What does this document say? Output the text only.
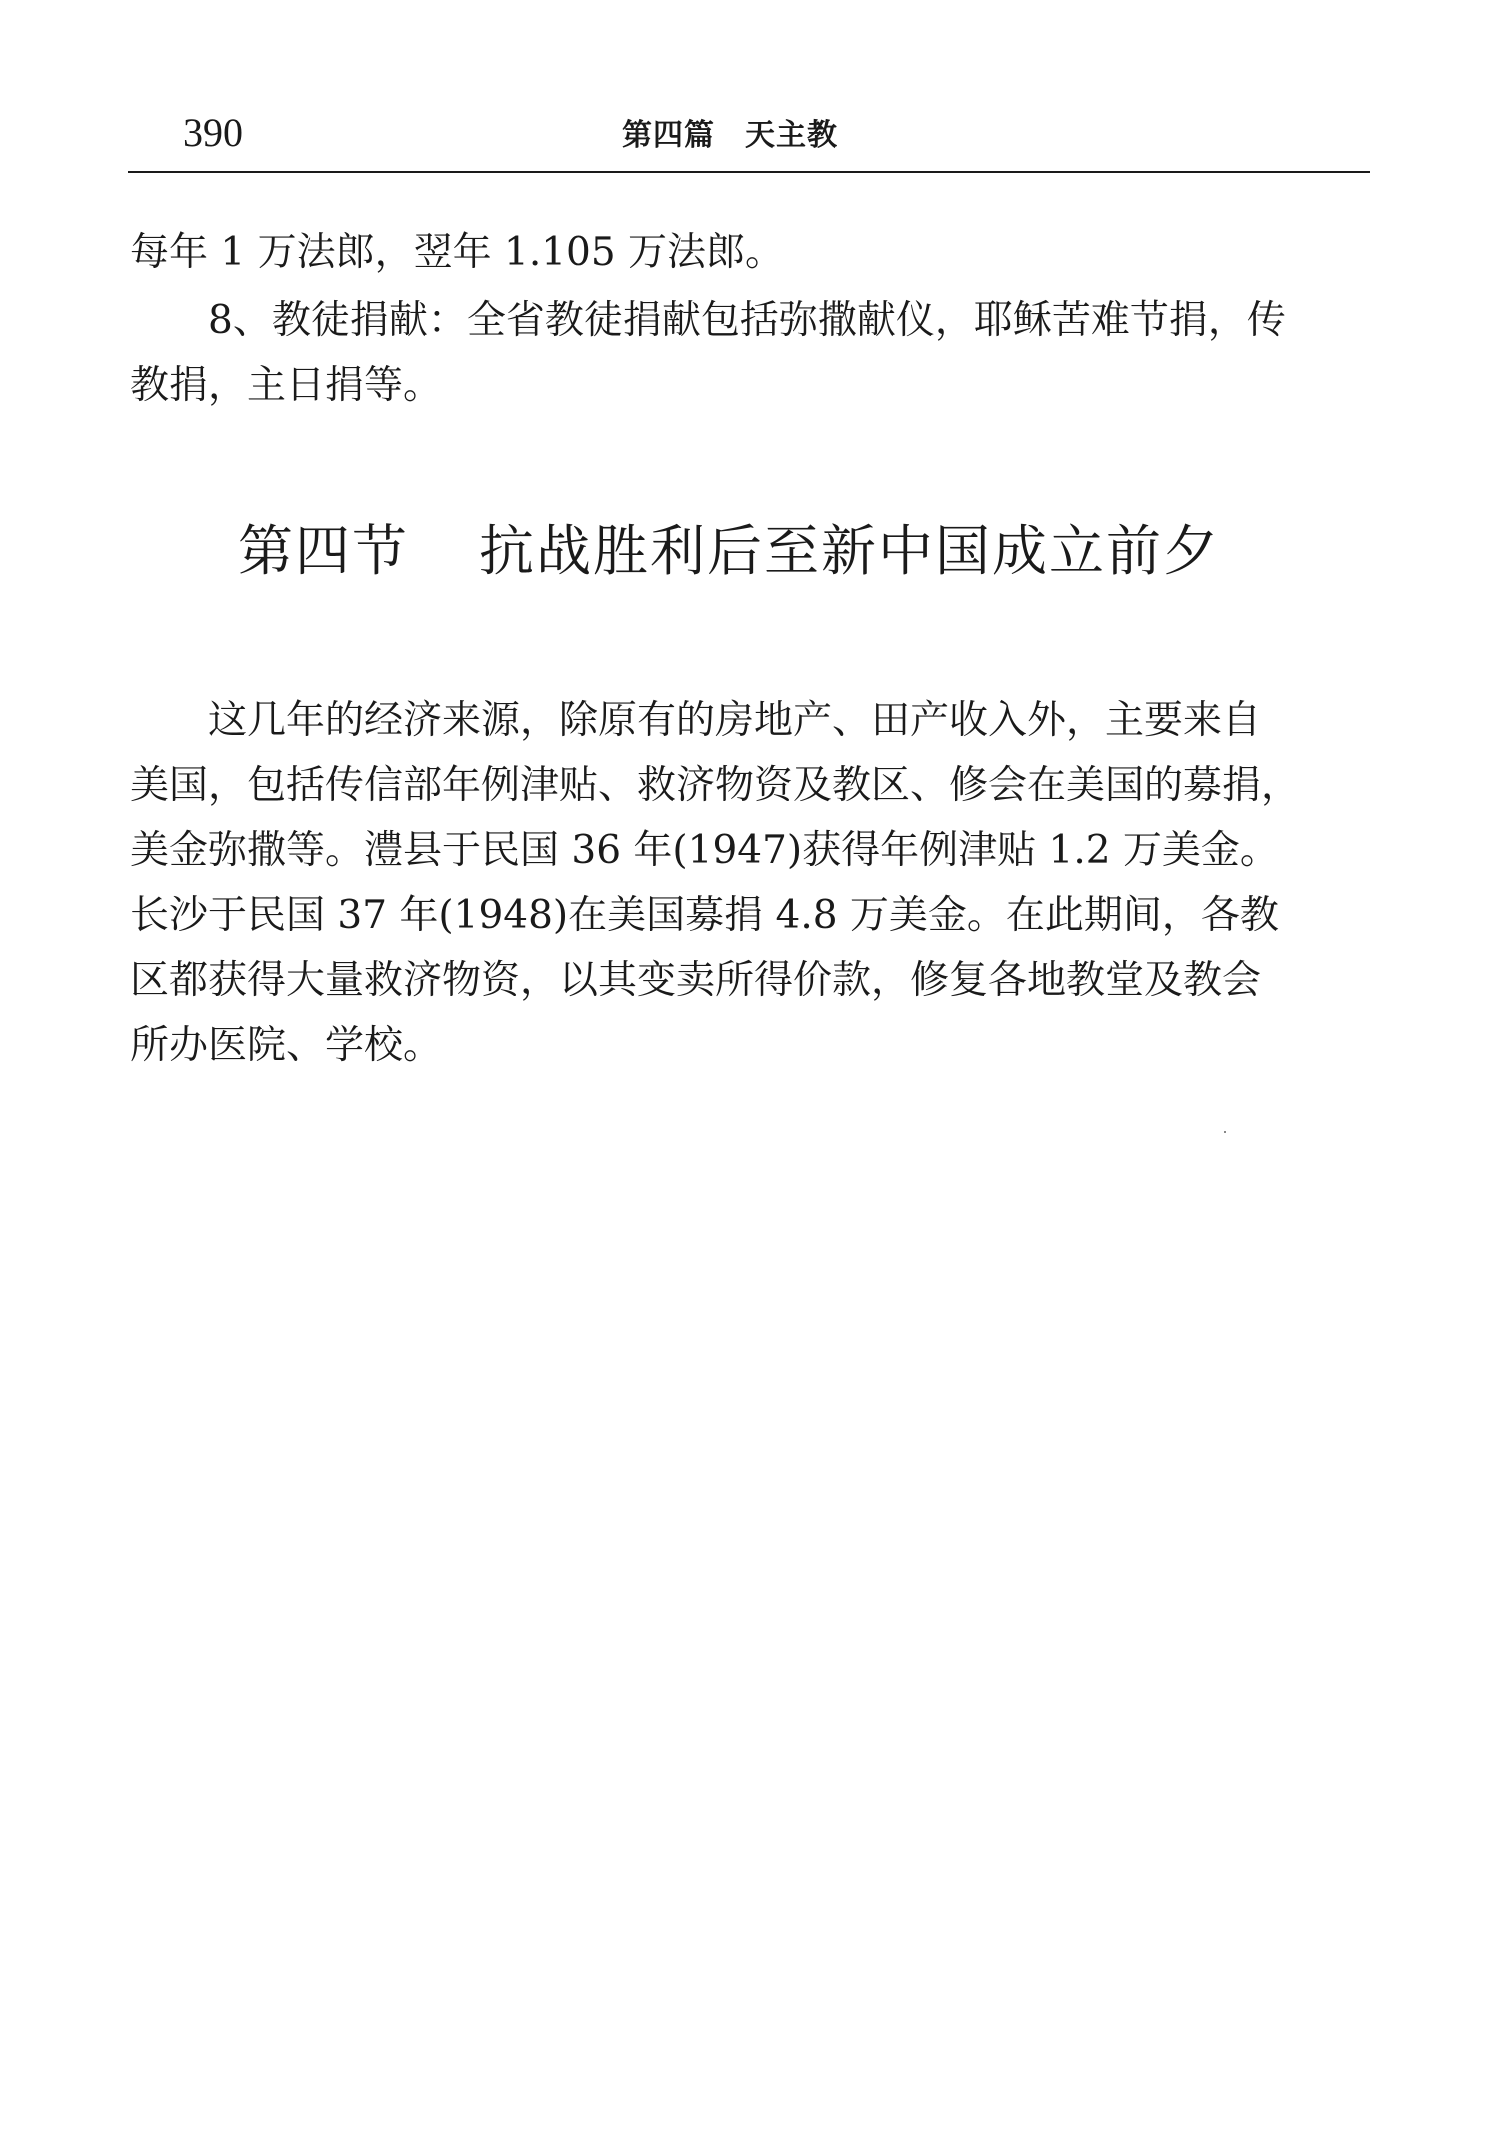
390	第四篇 天主教
每年 1 万法郎，翌年 1.105 万法郎。
8、教徒捐献：全省教徒捐献包括弥撒献仪，耶稣苦难节捐，传
教捐，主日捐等。
第四节 抗战胜利后至新中国成立前夕
这几年的经济来源，除原有的房地产、田产收入外，主要来自
美国，包括传信部年例津贴、救济物资及教区、修会在美国的募捐，
美金弥撒等。澧县于民国 36 年(1947)获得年例津贴 1.2 万美金。
长沙于民国 37 年(1948)在美国募捐 4.8 万美金。在此期间，各教
区都获得大量救济物资，以其变卖所得价款，修复各地教堂及教会
所办医院、学校。
